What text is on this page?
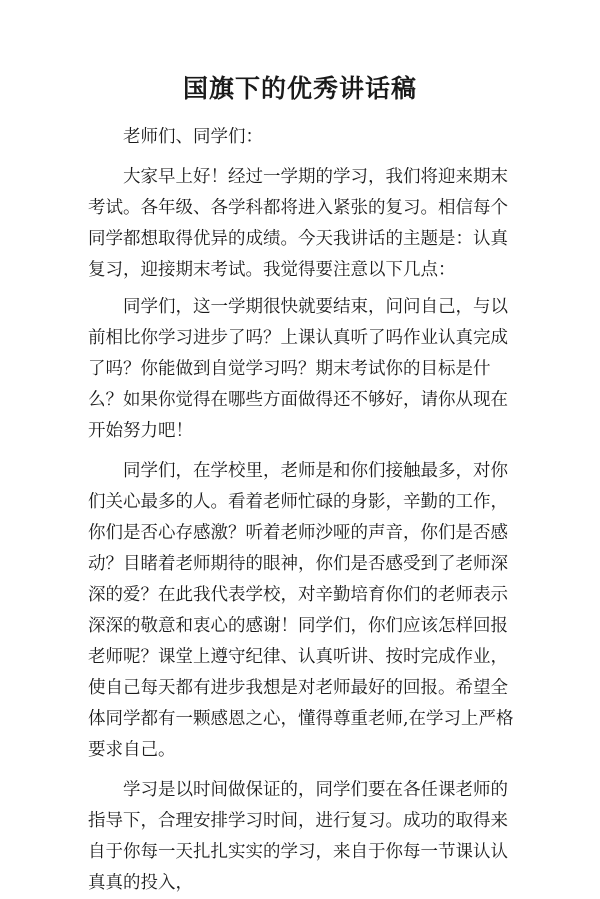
国旗下的优秀讲话稿

老师们、同学们：

大家早上好！经过一学期的学习，我们将迎来期末考试。各年级、各学科都将进入紧张的复习。相信每个同学都想取得优异的成绩。今天我讲话的主题是：认真复习，迎接期末考试。我觉得要注意以下几点：

同学们，这一学期很快就要结束，问问自己，与以前相比你学习进步了吗？上课认真听了吗作业认真完成了吗？你能做到自觉学习吗？期末考试你的目标是什么？如果你觉得在哪些方面做得还不够好，请你从现在开始努力吧！

同学们，在学校里，老师是和你们接触最多，对你们关心最多的人。看着老师忙碌的身影，辛勤的工作，你们是否心存感激？听着老师沙哑的声音，你们是否感动？目睹着老师期待的眼神，你们是否感受到了老师深深的爱？在此我代表学校，对辛勤培育你们的老师表示深深的敬意和衷心的感谢！同学们，你们应该怎样回报老师呢？课堂上遵守纪律、认真听讲、按时完成作业，使自己每天都有进步我想是对老师最好的回报。希望全体同学都有一颗感恩之心，懂得尊重老师,在学习上严格要求自己。

学习是以时间做保证的，同学们要在各任课老师的指导下，合理安排学习时间，进行复习。成功的取得来自于你每一天扎扎实实的学习，来自于你每一节课认认真真的投入，
